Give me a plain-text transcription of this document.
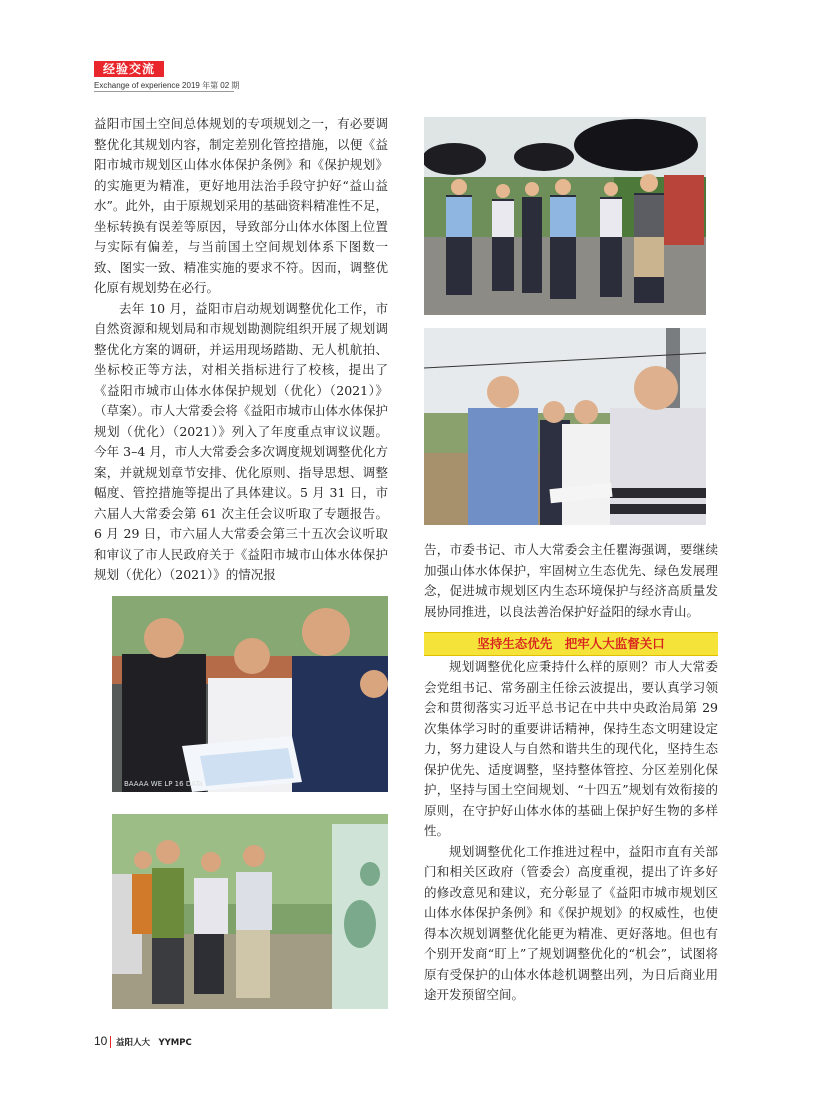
经验交流
Exchange of experience 2019 年第 02 期

益阳市国土空间总体规划的专项规划之一，有必要调整优化其规划内容，制定差别化管控措施，以便《益阳市城市规划区山体水体保护条例》和《保护规划》的实施更为精准，更好地用法治手段守护好“益山益水”。此外，由于原规划采用的基础资料精准性不足，坐标转换有误差等原因，导致部分山体水体图上位置与实际有偏差，与当前国土空间规划体系下图数一致、图实一致、精准实施的要求不符。因而，调整优化原有规划势在必行。

去年 10 月，益阳市启动规划调整优化工作，市自然资源和规划局和市规划勘测院组织开展了规划调整优化方案的调研，并运用现场踏勘、无人机航拍、坐标校正等方法，对相关指标进行了校核，提出了《益阳市城市山体水体保护规划（优化）（2021）》（草案）。市人大常委会将《益阳市城市山体水体保护规划（优化）（2021）》列入了年度重点审议议题。今年 3–4 月，市人大常委会多次调度规划调整优化方案，并就规划章节安排、优化原则、指导思想、调整幅度、管控措施等提出了具体建议。5 月 31 日，市六届人大常委会第 61 次主任会议听取了专题报告。6 月 29 日，市六届人大常委会第三十五次会议听取和审议了市人民政府关于《益阳市城市山体水体保护规划（优化）（2021）》的情况报

告，市委书记、市人大常委会主任瞿海强调，要继续加强山体水体保护，牢固树立生态优先、绿色发展理念，促进城市规划区内生态环境保护与经济高质量发展协同推进，以良法善治保护好益阳的绿水青山。

坚持生态优先　把牢人大监督关口

规划调整优化应秉持什么样的原则？市人大常委会党组书记、常务副主任徐云波提出，要认真学习领会和贯彻落实习近平总书记在中共中央政治局第 29 次集体学习时的重要讲话精神，保持生态文明建设定力，努力建设人与自然和谐共生的现代化，坚持生态保护优先、适度调整，坚持整体管控、分区差别化保护，坚持与国土空间规划、“十四五”规划有效衔接的原则，在守护好山体水体的基础上保护好生物的多样性。

规划调整优化工作推进过程中，益阳市直有关部门和相关区政府（管委会）高度重视，提出了许多好的修改意见和建议，充分彰显了《益阳市城市规划区山体水体保护条例》和《保护规划》的权威性，也使得本次规划调整优化能更为精准、更好落地。但也有个别开发商“盯上”了规划调整优化的“机会”，试图将原有受保护的山体水体趁机调整出列，为日后商业用途开发预留空间。

BAAAA WE LP 16 DATa
10 益阳人大　YYMPC
